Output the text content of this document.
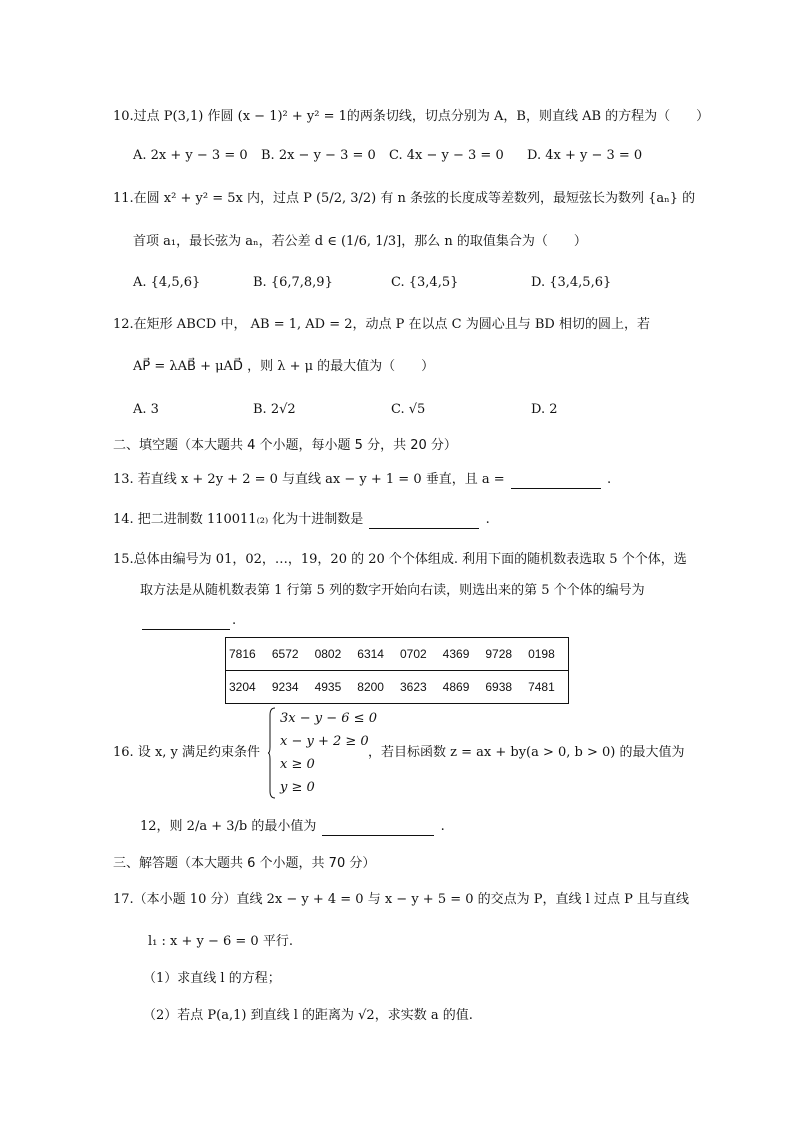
10.过点 P(3,1) 作圆 (x − 1)² + y² = 1的两条切线，切点分别为 A，B，则直线 AB 的方程为（　　）
A. 2x + y − 3 = 0	B. 2x − y − 3 = 0	C. 4x − y − 3 = 0	D. 4x + y − 3 = 0
11.在圆 x² + y² = 5x 内，过点 P (5/2, 3/2) 有 n 条弦的长度成等差数列，最短弦长为数列 {aₙ} 的
首项 a₁，最长弦为 aₙ，若公差 d ∈ (1/6, 1/3]，那么 n 的取值集合为（　　）
A. {4,5,6}	B. {6,7,8,9}	C. {3,4,5}	D. {3,4,5,6}
12.在矩形 ABCD 中， AB = 1, AD = 2，动点 P 在以点 C 为圆心且与 BD 相切的圆上，若
AP⃗ = λAB⃗ + μAD⃗ ，则 λ + μ 的最大值为（　　）
A. 3	B. 2√2	C. √5	D. 2
二、填空题（本大题共 4 个小题，每小题 5 分，共 20 分）
13. 若直线 x + 2y + 2 = 0 与直线 ax − y + 1 = 0 垂直，且 a =	.
14. 把二进制数 110011₍₂₎ 化为十进制数是	.
15.总体由编号为 01，02，…，19，20 的 20 个个体组成. 利用下面的随机数表选取 5 个个体，选
取方法是从随机数表第 1 行第 5 列的数字开始向右读，则选出来的第 5 个个体的编号为
.
7816	6572	0802	6314	0702	4369	9728	0198
3204	9234	4935	8200	3623	4869	6938	7481
16. 设 x, y 满足约束条件
3x − y − 6 ≤ 0
x − y + 2 ≥ 0
x ≥ 0
y ≥ 0
，若目标函数 z = ax + by(a > 0, b > 0) 的最大值为
12，则 2/a + 3/b 的最小值为	.
三、解答题（本大题共 6 个小题，共 70 分）
17.（本小题 10 分）直线 2x − y + 4 = 0 与 x − y + 5 = 0 的交点为 P，直线 l 过点 P 且与直线
l₁ : x + y − 6 = 0 平行.
（1）求直线 l 的方程；
（2）若点 P(a,1) 到直线 l 的距离为 √2，求实数 a 的值.
